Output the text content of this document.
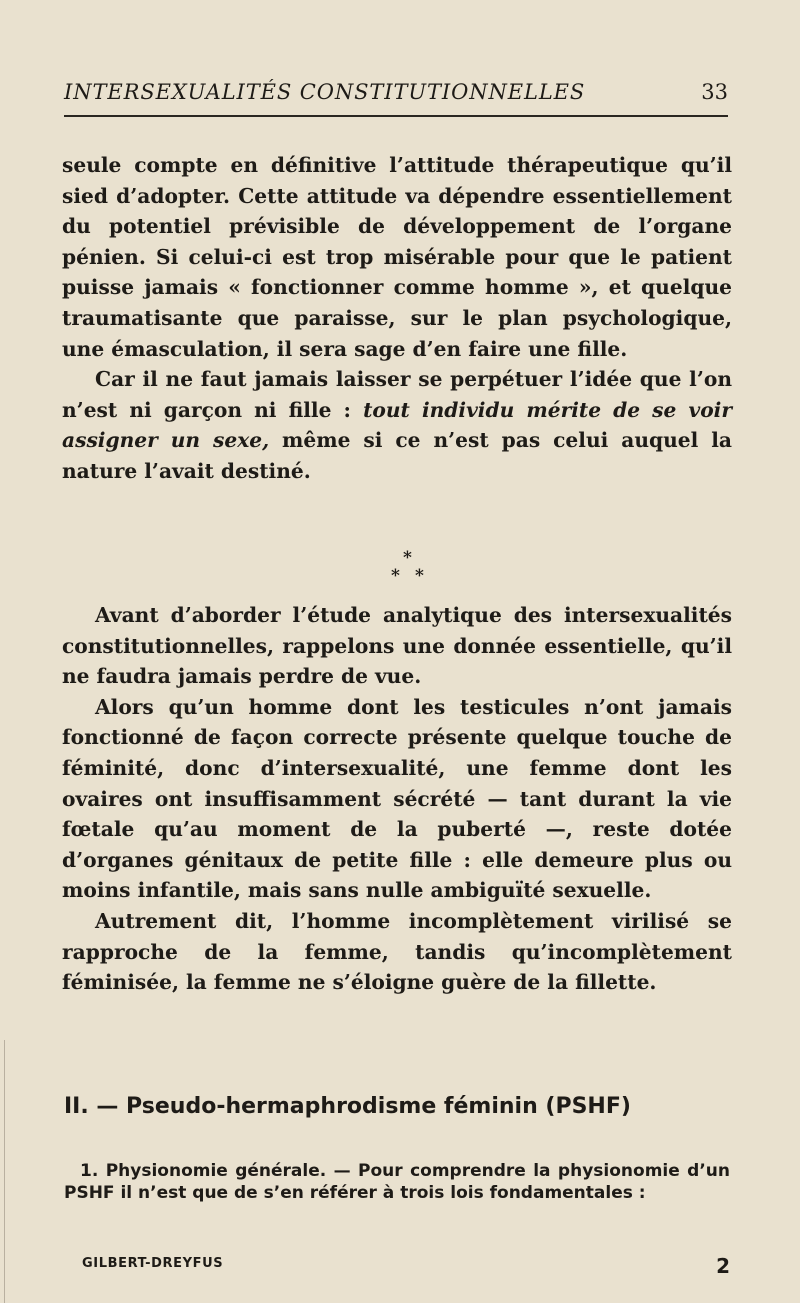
INTERSEXUALITÉS CONSTITUTIONNELLES	33

seule compte en définitive l’attitude thérapeutique qu’il sied d’adopter. Cette attitude va dépendre essentiellement du potentiel prévisible de développement de l’organe pénien. Si celui-ci est trop misérable pour que le patient puisse jamais « fonctionner comme homme », et quelque traumatisante que paraisse, sur le plan psychologique, une émasculation, il sera sage d’en faire une fille.

Car il ne faut jamais laisser se perpétuer l’idée que l’on n’est ni garçon ni fille : tout individu mérite de se voir assigner un sexe, même si ce n’est pas celui auquel la nature l’avait destiné.

*
* *

Avant d’aborder l’étude analytique des intersexualités constitutionnelles, rappelons une donnée essentielle, qu’il ne faudra jamais perdre de vue.

Alors qu’un homme dont les testicules n’ont jamais fonctionné de façon correcte présente quelque touche de féminité, donc d’intersexualité, une femme dont les ovaires ont insuffisamment sécrété — tant durant la vie fœtale qu’au moment de la puberté —, reste dotée d’organes génitaux de petite fille : elle demeure plus ou moins infantile, mais sans nulle ambiguïté sexuelle.

Autrement dit, l’homme incomplètement virilisé se rapproche de la femme, tandis qu’incomplètement féminisée, la femme ne s’éloigne guère de la fillette.

II. — Pseudo-hermaphrodisme féminin (PSHF)

1. Physionomie générale. — Pour comprendre la physionomie d’un PSHF il n’est que de s’en référer à trois lois fondamentales :

GILBERT-DREYFUS	2
